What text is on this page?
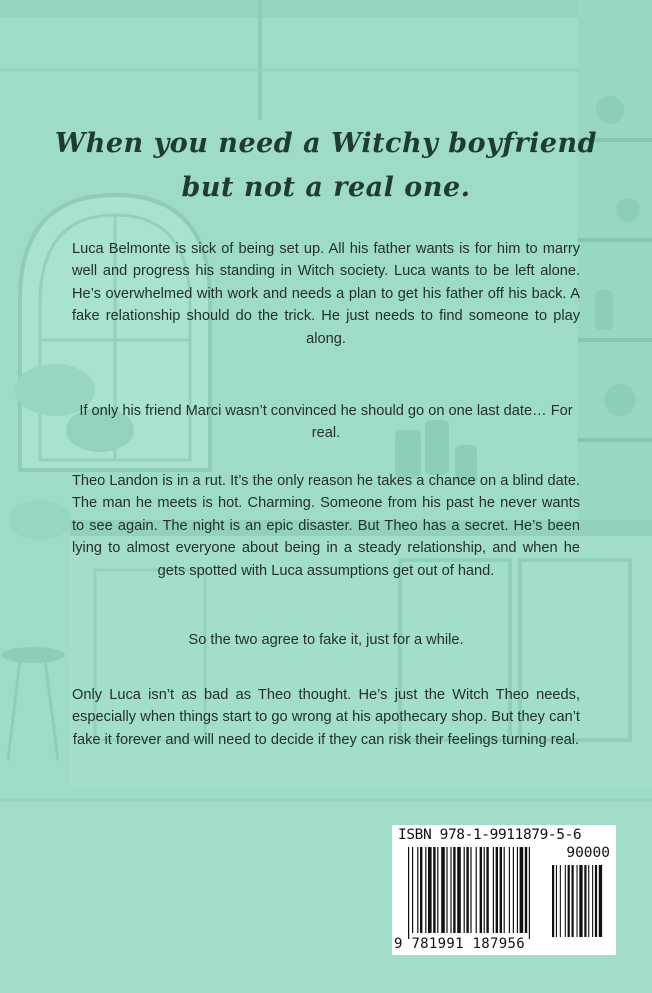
When you need a Witchy boyfriend
but not a real one.

Luca Belmonte is sick of being set up. All his father wants is for him to marry well and progress his standing in Witch society. Luca wants to be left alone. He’s overwhelmed with work and needs a plan to get his father off his back. A fake relationship should do the trick. He just needs to find someone to play along.

If only his friend Marci wasn’t convinced he should go on one last date… For real.

Theo Landon is in a rut. It’s the only reason he takes a chance on a blind date. The man he meets is hot. Charming. Someone from his past he never wants to see again. The night is an epic disaster. But Theo has a secret. He’s been lying to almost everyone about being in a steady relationship, and when he gets spotted with Luca assumptions get out of hand.

So the two agree to fake it, just for a while.

Only Luca isn’t as bad as Theo thought. He’s just the Witch Theo needs, especially when things start to go wrong at his apothecary shop. But they can’t fake it forever and will need to decide if they can risk their feelings turning real.

ISBN 978-1-9911879-5-6
90000
9 781991 187956
